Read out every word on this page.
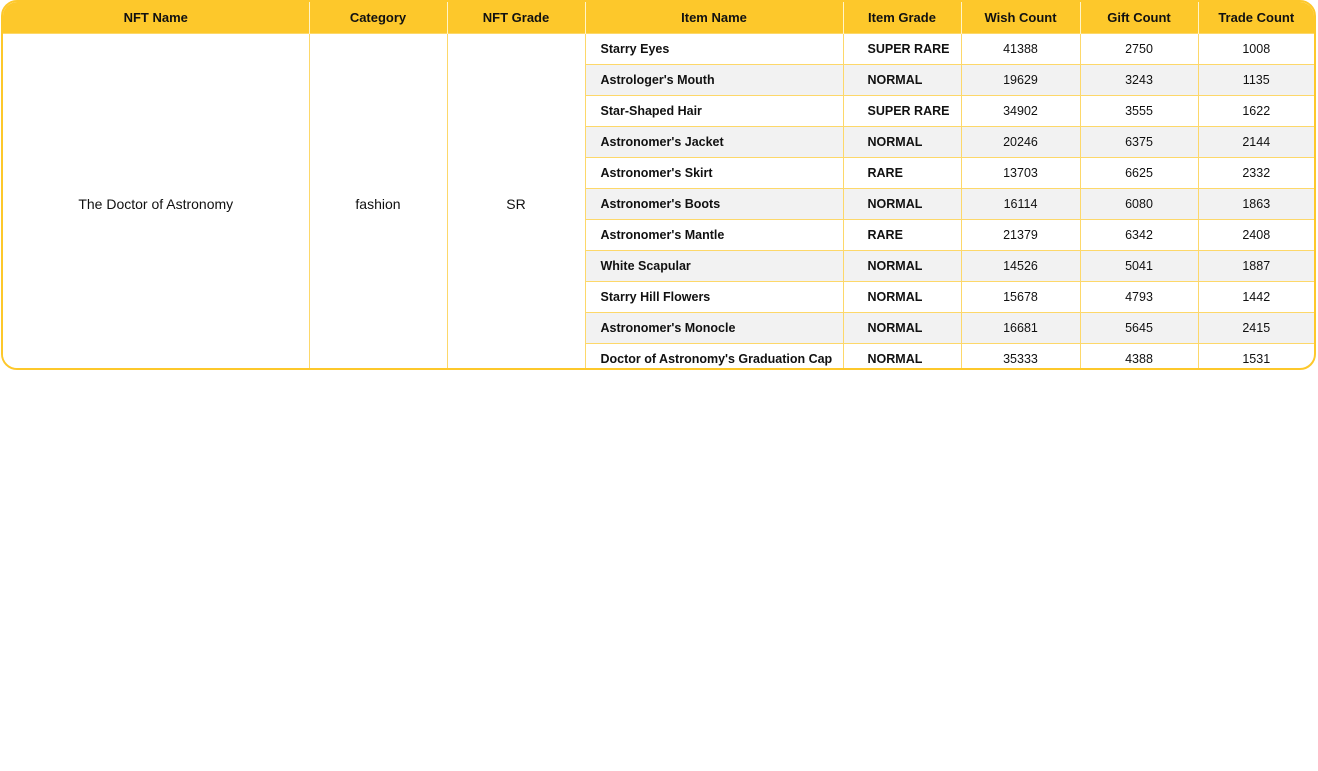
NFT Name	Category	NFT Grade	Item Name	Item Grade	Wish Count	Gift Count	Trade Count
The Doctor of Astronomy	fashion	SR	Starry Eyes	SUPER RARE	41388	2750	1008
			Astrologer's Mouth	NORMAL	19629	3243	1135
			Star-Shaped Hair	SUPER RARE	34902	3555	1622
			Astronomer's Jacket	NORMAL	20246	6375	2144
			Astronomer's Skirt	RARE	13703	6625	2332
			Astronomer's Boots	NORMAL	16114	6080	1863
			Astronomer's Mantle	RARE	21379	6342	2408
			White Scapular	NORMAL	14526	5041	1887
			Starry Hill Flowers	NORMAL	15678	4793	1442
			Astronomer's Monocle	NORMAL	16681	5645	2415
			Doctor of Astronomy's Graduation Cap	NORMAL	35333	4388	1531
